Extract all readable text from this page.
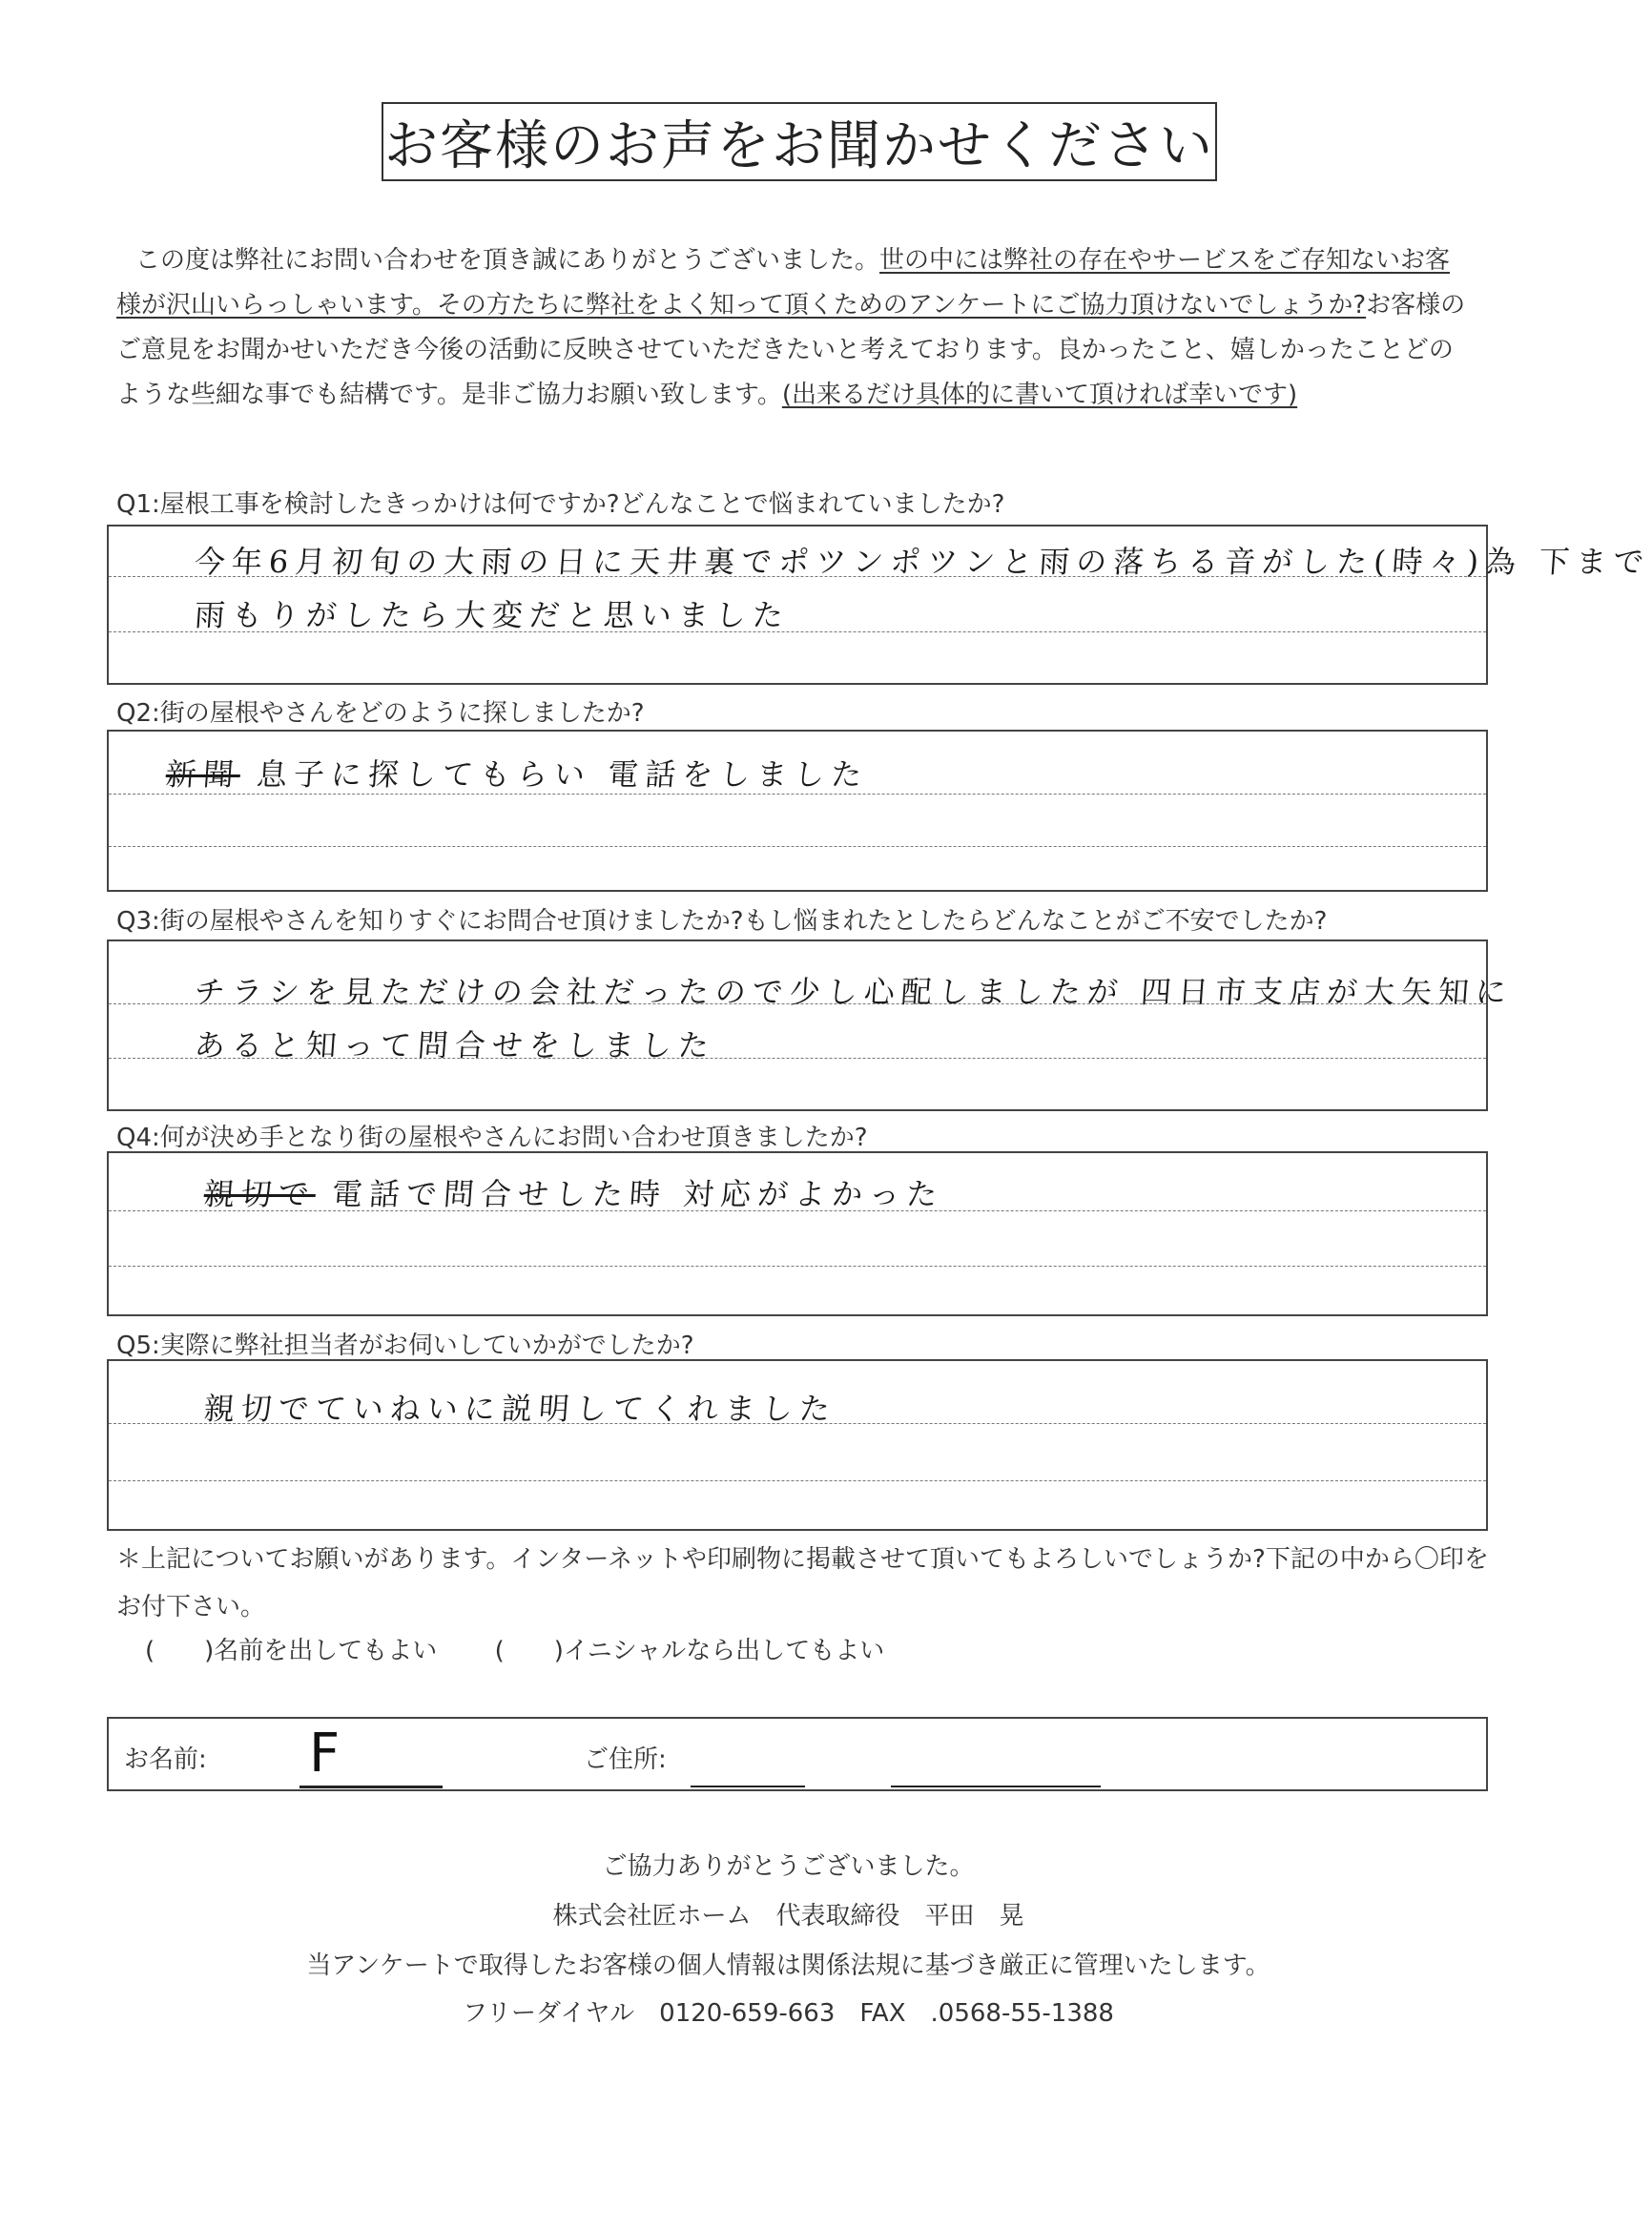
お客様のお声をお聞かせください

この度は弊社にお問い合わせを頂き誠にありがとうございました。世の中には弊社の存在やサービスをご存知ないお客様が沢山いらっしゃいます。その方たちに弊社をよく知って頂くためのアンケートにご協力頂けないでしょうか?お客様のご意見をお聞かせいただき今後の活動に反映させていただきたいと考えております。良かったこと、嬉しかったことどのような些細な事でも結構です。是非ご協力お願い致します。(出来るだけ具体的に書いて頂ければ幸いです)

Q1:屋根工事を検討したきっかけは何ですか?どんなことで悩まれていましたか?
今年6月初旬の大雨の日に天井裏でポツンポツンと雨の落ちる音がした(時々)為 下まで
雨もりがしたら大変だと思いました
Q2:街の屋根やさんをどのように探しましたか?
新聞 息子に探してもらい 電話をしました
Q3:街の屋根やさんを知りすぐにお問合せ頂けましたか?もし悩まれたとしたらどんなことがご不安でしたか?
チラシを見ただけの会社だったので少し心配しましたが 四日市支店が大矢知に
あると知って問合せをしました
Q4:何が決め手となり街の屋根やさんにお問い合わせ頂きましたか?
親切で 電話で問合せした時 対応がよかった
Q5:実際に弊社担当者がお伺いしていかがでしたか?
親切でていねいに説明してくれました
＊上記についてお願いがあります。インターネットや印刷物に掲載させて頂いてもよろしいでしょうか?下記の中から〇印を
お付下さい。
(　　)名前を出してもよい (　　)イニシャルなら出してもよい
お名前: F	ご住所:
ご協力ありがとうございました。
株式会社匠ホーム　代表取締役　平田　晃
当アンケートで取得したお客様の個人情報は関係法規に基づき厳正に管理いたします。
フリーダイヤル　0120-659-663　FAX　.0568-55-1388
